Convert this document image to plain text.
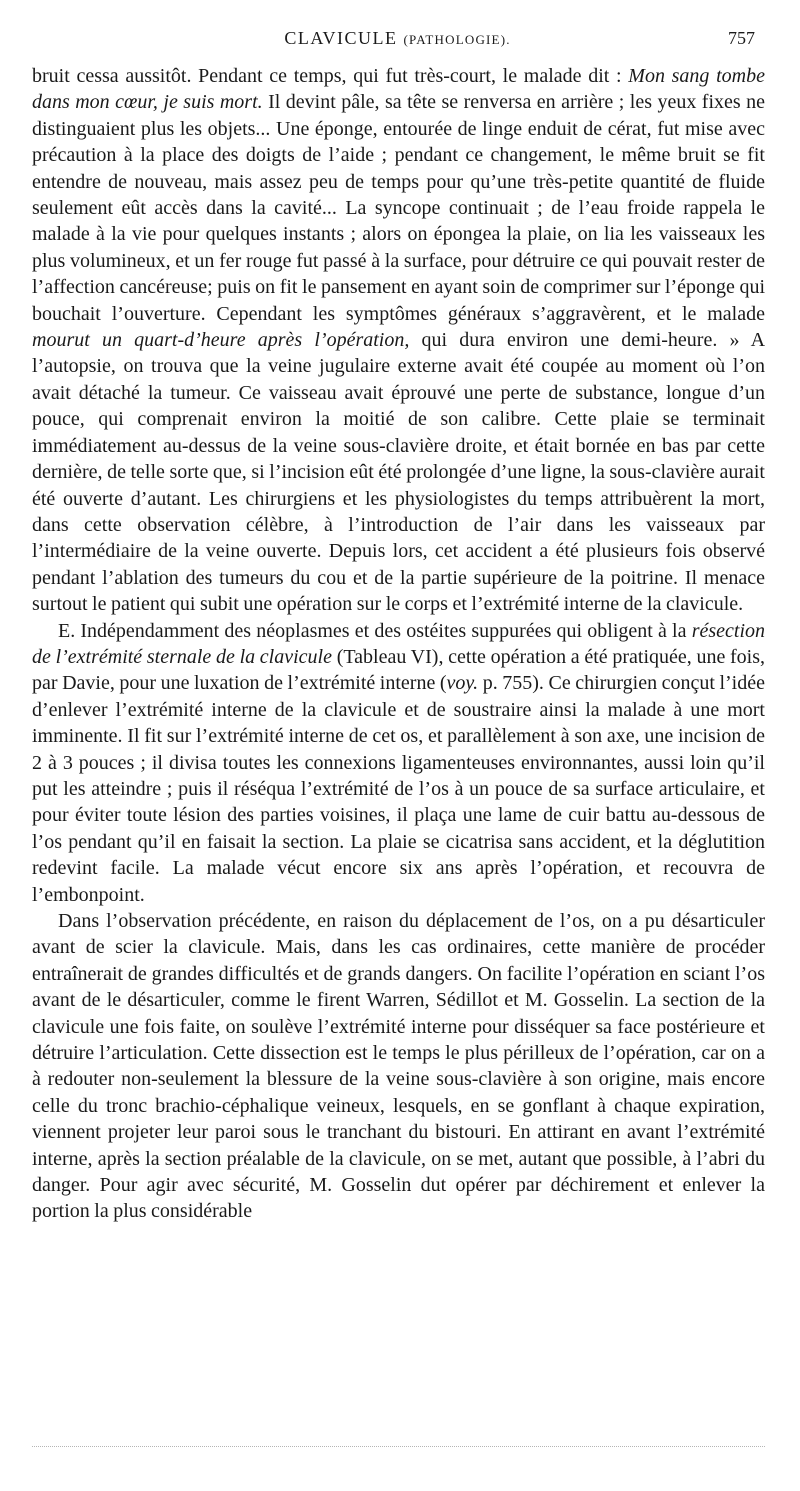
CLAVICULE (PATHOLOGIE).	757

bruit cessa aussitôt. Pendant ce temps, qui fut très-court, le malade dit : Mon sang tombe dans mon cœur, je suis mort. Il devint pâle, sa tête se renversa en arrière ; les yeux fixes ne distinguaient plus les objets... Une éponge, entourée de linge enduit de cérat, fut mise avec précaution à la place des doigts de l’aide ; pendant ce changement, le même bruit se fit entendre de nouveau, mais assez peu de temps pour qu’une très-petite quantité de fluide seulement eût accès dans la cavité... La syncope continuait ; de l’eau froide rappela le malade à la vie pour quelques instants ; alors on épongea la plaie, on lia les vaisseaux les plus volumineux, et un fer rouge fut passé à la surface, pour détruire ce qui pouvait rester de l’affection cancéreuse; puis on fit le pansement en ayant soin de comprimer sur l’éponge qui bouchait l’ouverture. Cependant les symptômes généraux s’aggravèrent, et le malade mourut un quart-d’heure après l’opération, qui dura environ une demi-heure. » A l’autopsie, on trouva que la veine jugulaire externe avait été coupée au moment où l’on avait détaché la tumeur. Ce vaisseau avait éprouvé une perte de substance, longue d’un pouce, qui comprenait environ la moitié de son calibre. Cette plaie se terminait immédiatement au-dessus de la veine sous-clavière droite, et était bornée en bas par cette dernière, de telle sorte que, si l’incision eût été prolongée d’une ligne, la sous-clavière aurait été ouverte d’autant. Les chirurgiens et les physiologistes du temps attribuèrent la mort, dans cette observation célèbre, à l’introduction de l’air dans les vaisseaux par l’intermédiaire de la veine ouverte. Depuis lors, cet accident a été plusieurs fois observé pendant l’ablation des tumeurs du cou et de la partie supérieure de la poitrine. Il menace surtout le patient qui subit une opération sur le corps et l’extrémité interne de la clavicule.

E. Indépendamment des néoplasmes et des ostéites suppurées qui obligent à la résection de l’extrémité sternale de la clavicule (Tableau VI), cette opération a été pratiquée, une fois, par Davie, pour une luxation de l’extrémité interne (voy. p. 755). Ce chirurgien conçut l’idée d’enlever l’extrémité interne de la clavicule et de soustraire ainsi la malade à une mort imminente. Il fit sur l’extrémité interne de cet os, et parallèlement à son axe, une incision de 2 à 3 pouces ; il divisa toutes les connexions ligamenteuses environnantes, aussi loin qu’il put les atteindre ; puis il réséqua l’extrémité de l’os à un pouce de sa surface articulaire, et pour éviter toute lésion des parties voisines, il plaça une lame de cuir battu au-dessous de l’os pendant qu’il en faisait la section. La plaie se cicatrisa sans accident, et la déglutition redevint facile. La malade vécut encore six ans après l’opération, et recouvra de l’embonpoint.

Dans l’observation précédente, en raison du déplacement de l’os, on a pu désarticuler avant de scier la clavicule. Mais, dans les cas ordinaires, cette manière de procéder entraînerait de grandes difficultés et de grands dangers. On facilite l’opération en sciant l’os avant de le désarticuler, comme le firent Warren, Sédillot et M. Gosselin. La section de la clavicule une fois faite, on soulève l’extrémité interne pour disséquer sa face postérieure et détruire l’articulation. Cette dissection est le temps le plus périlleux de l’opération, car on a à redouter non-seulement la blessure de la veine sous-clavière à son origine, mais encore celle du tronc brachio-céphalique veineux, lesquels, en se gonflant à chaque expiration, viennent projeter leur paroi sous le tranchant du bistouri. En attirant en avant l’extrémité interne, après la section préalable de la clavicule, on se met, autant que possible, à l’abri du danger. Pour agir avec sécurité, M. Gosselin dut opérer par déchirement et enlever la portion la plus considérable
